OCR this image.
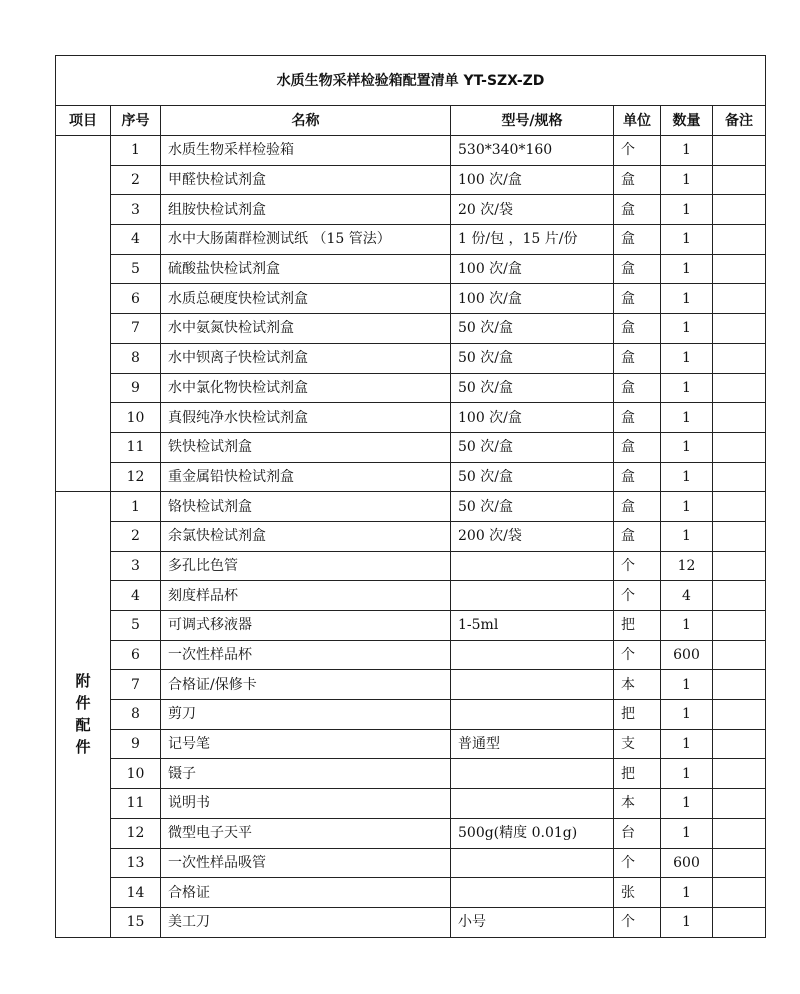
水质生物采样检验箱配置清单 YT-SZX-ZD						
项目	序号	名称	型号/规格	单位	数量	备注
	1	水质生物采样检验箱	530*340*160	个	1	
	2	甲醛快检试剂盒	100 次/盒	盒	1	
	3	组胺快检试剂盒	20 次/袋	盒	1	
	4	水中大肠菌群检测试纸 （15 管法）	1 份/包 ，15 片/份	盒	1	
	5	硫酸盐快检试剂盒	100 次/盒	盒	1	
	6	水质总硬度快检试剂盒	100 次/盒	盒	1	
	7	水中氨氮快检试剂盒	50 次/盒	盒	1	
	8	水中钡离子快检试剂盒	50 次/盒	盒	1	
	9	水中氯化物快检试剂盒	50 次/盒	盒	1	
	10	真假纯净水快检试剂盒	100 次/盒	盒	1	
	11	铁快检试剂盒	50 次/盒	盒	1	
	12	重金属铅快检试剂盒	50 次/盒	盒	1	
附件配件	1	铬快检试剂盒	50 次/盒	盒	1	
	2	余氯快检试剂盒	200 次/袋	盒	1	
	3	多孔比色管		个	12	
	4	刻度样品杯		个	4	
	5	可调式移液器	1-5ml	把	1	
	6	一次性样品杯		个	600	
	7	合格证/保修卡		本	1	
	8	剪刀		把	1	
	9	记号笔	普通型	支	1	
	10	镊子		把	1	
	11	说明书		本	1	
	12	微型电子天平	500g(精度 0.01g)	台	1	
	13	一次性样品吸管		个	600	
	14	合格证		张	1	
	15	美工刀	小号	个	1	
